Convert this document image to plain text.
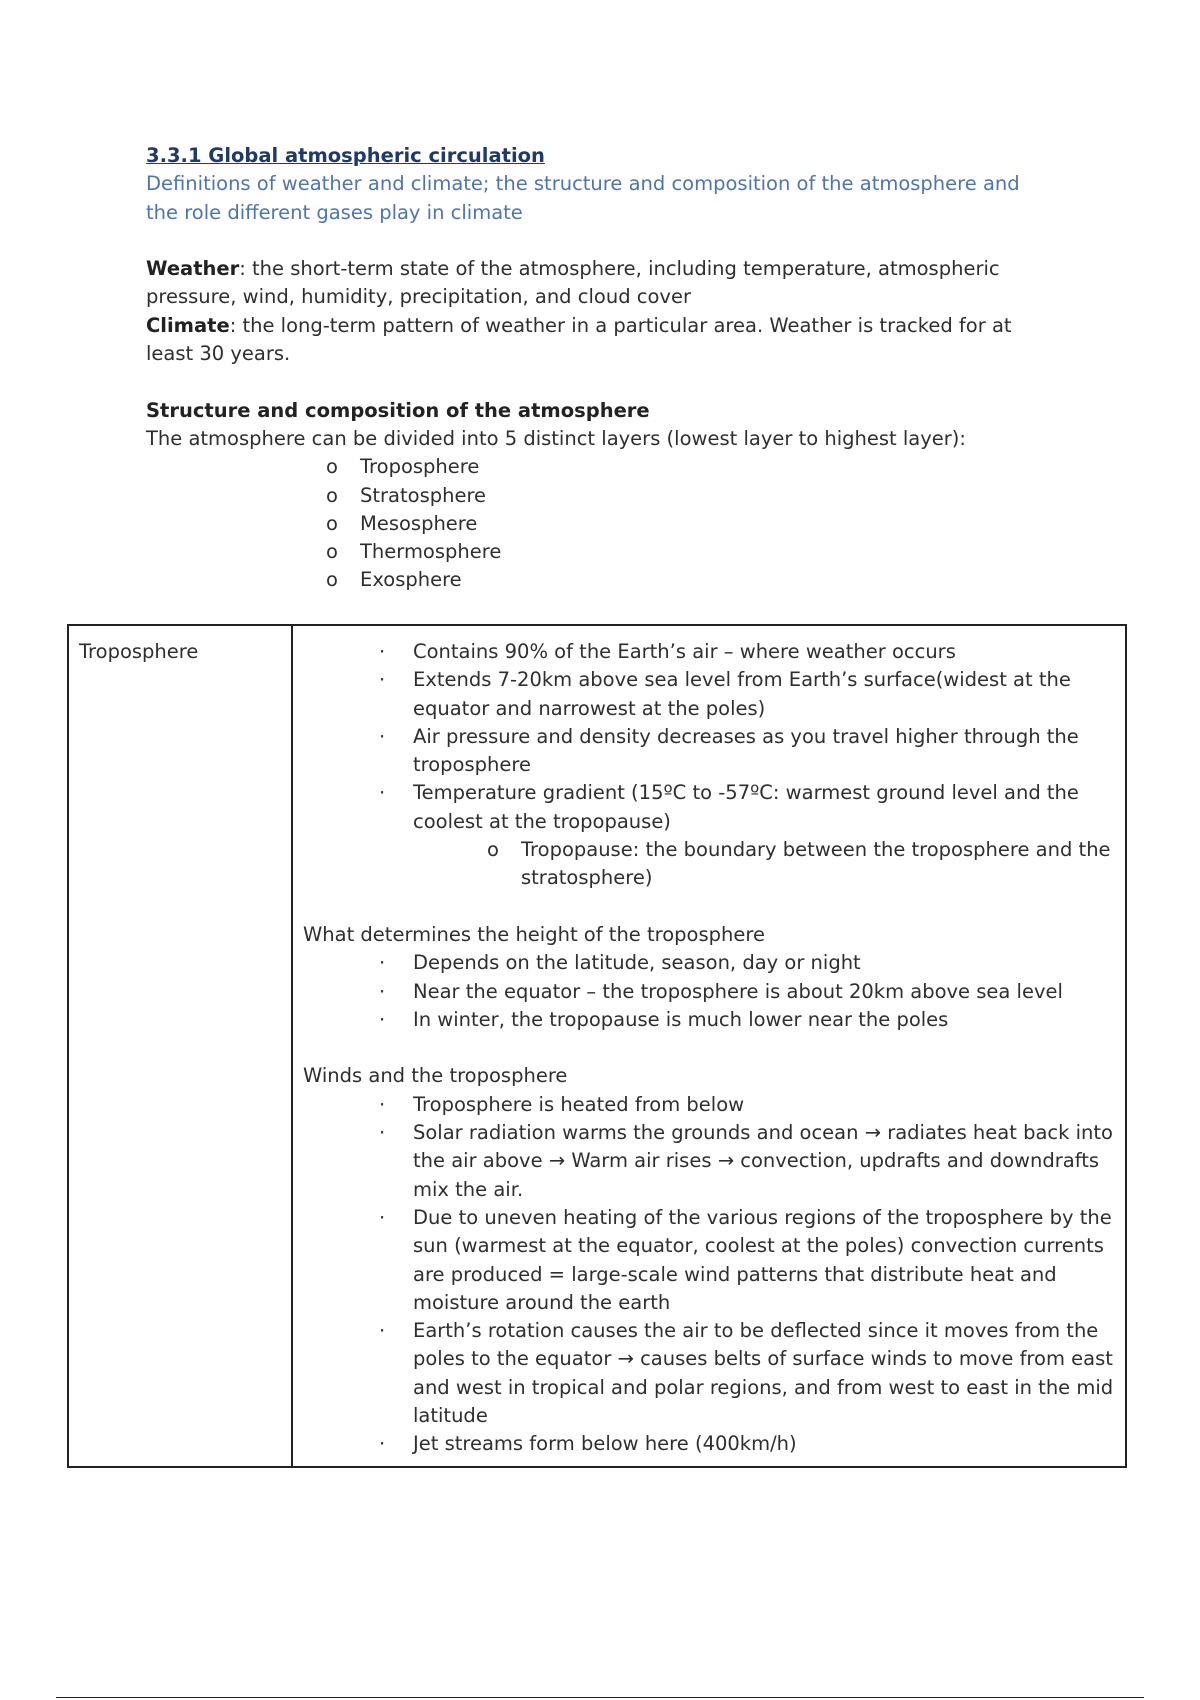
3.3.1 Global atmospheric circulation
Definitions of weather and climate; the structure and composition of the atmosphere and
the role different gases play in climate
Weather: the short-term state of the atmosphere, including temperature, atmospheric
pressure, wind, humidity, precipitation, and cloud cover
Climate: the long-term pattern of weather in a particular area. Weather is tracked for at
least 30 years.
Structure and composition of the atmosphere
The atmosphere can be divided into 5 distinct layers (lowest layer to highest layer):
o Troposphere
o Stratosphere
o Mesosphere
o Thermosphere
o Exosphere
Troposphere

·Contains 90% of the Earth’s air – where weather occurs
· Extends 7-20km above sea level from Earth’s surface(widest at the equator and narrowest at the poles)
· Air pressure and density decreases as you travel higher through the troposphere
· Temperature gradient (15ºC to -57ºC: warmest ground level and the coolest at the tropopause)
o Tropopause: the boundary between the troposphere and the stratosphere)
What determines the height of the troposphere
· Depends on the latitude, season, day or night
· Near the equator – the troposphere is about 20km above sea level
· In winter, the tropopause is much lower near the poles
Winds and the troposphere
· Troposphere is heated from below
· Solar radiation warms the grounds and ocean → radiates heat back into the air above → Warm air rises → convection, updrafts and downdrafts mix the air.
· Due to uneven heating of the various regions of the troposphere by the sun (warmest at the equator, coolest at the poles) convection currents are produced = large-scale wind patterns that distribute heat and moisture around the earth
· Earth’s rotation causes the air to be deflected since it moves from the poles to the equator → causes belts of surface winds to move from east and west in tropical and polar regions, and from west to east in the mid latitude
· Jet streams form below here (400km/h)
